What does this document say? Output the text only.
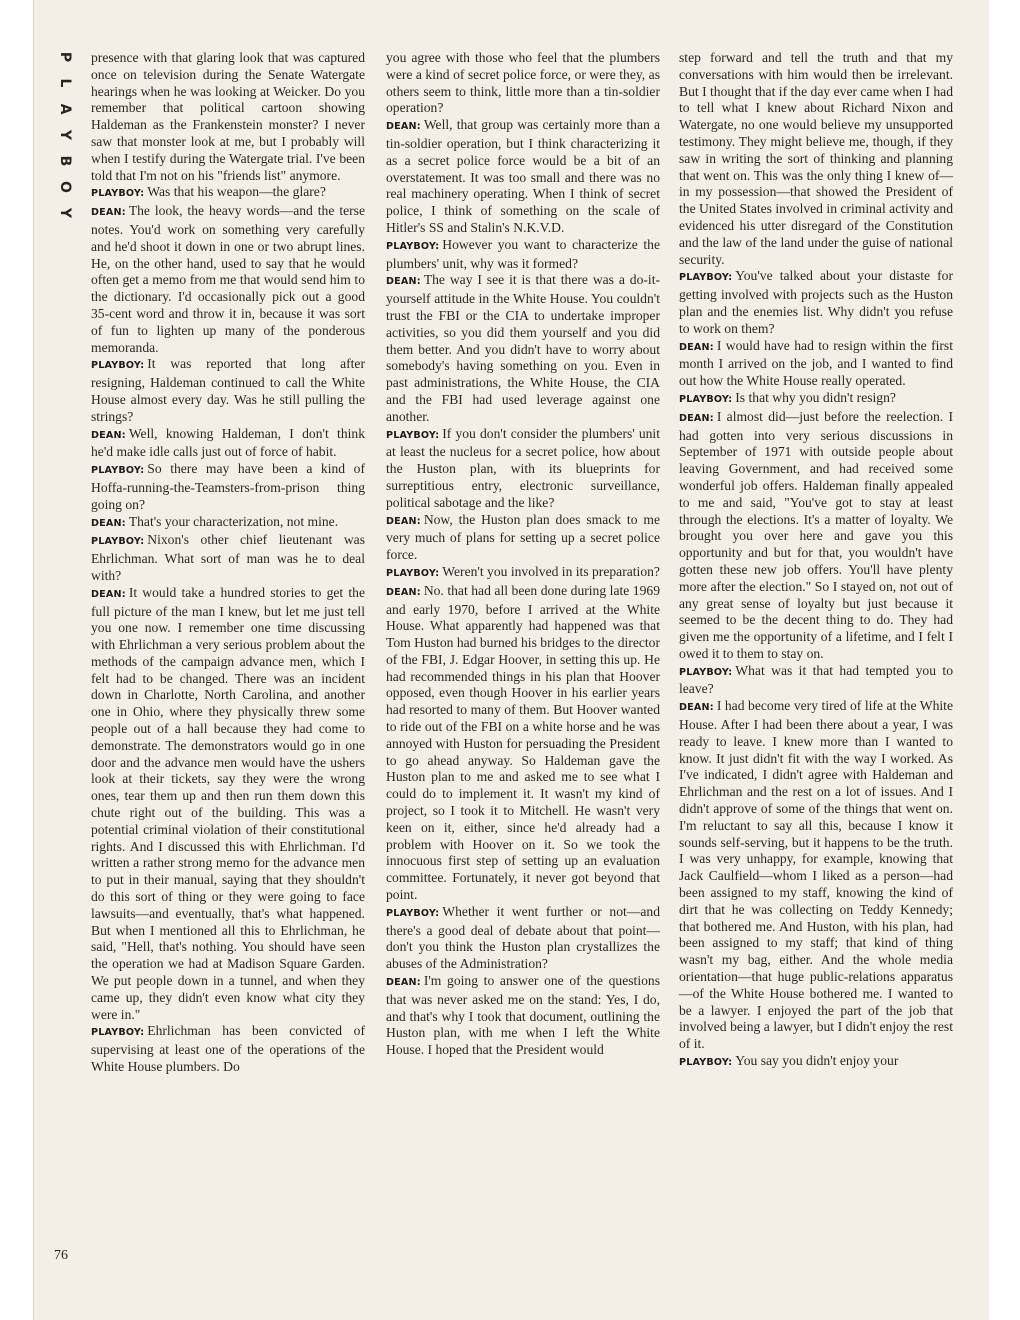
P
L
A
Y
B
O
Y
76

presence with that glaring look that was captured once on television during the Senate Watergate hearings when he was looking at Weicker. Do you remember that political cartoon showing Haldeman as the Frankenstein monster? I never saw that monster look at me, but I probably will when I testify during the Watergate trial. I've been told that I'm not on his "friends list" anymore.

PLAYBOY: Was that his weapon—the glare?

DEAN: The look, the heavy words—and the terse notes. You'd work on something very carefully and he'd shoot it down in one or two abrupt lines. He, on the other hand, used to say that he would often get a memo from me that would send him to the dictionary. I'd occasionally pick out a good 35-cent word and throw it in, because it was sort of fun to lighten up many of the ponderous memoranda.

PLAYBOY: It was reported that long after resigning, Haldeman continued to call the White House almost every day. Was he still pulling the strings?

DEAN: Well, knowing Haldeman, I don't think he'd make idle calls just out of force of habit.

PLAYBOY: So there may have been a kind of Hoffa-running-the-Teamsters-from-prison thing going on?

DEAN: That's your characterization, not mine.

PLAYBOY: Nixon's other chief lieutenant was Ehrlichman. What sort of man was he to deal with?

DEAN: It would take a hundred stories to get the full picture of the man I knew, but let me just tell you one now. I remember one time discussing with Ehrlichman a very serious problem about the methods of the campaign advance men, which I felt had to be changed. There was an incident down in Charlotte, North Carolina, and another one in Ohio, where they physically threw some people out of a hall because they had come to demonstrate. The demonstrators would go in one door and the advance men would have the ushers look at their tickets, say they were the wrong ones, tear them up and then run them down this chute right out of the building. This was a potential criminal violation of their constitutional rights. And I discussed this with Ehrlichman. I'd written a rather strong memo for the advance men to put in their manual, saying that they shouldn't do this sort of thing or they were going to face lawsuits—and eventually, that's what happened. But when I mentioned all this to Ehrlichman, he said, "Hell, that's nothing. You should have seen the operation we had at Madison Square Garden. We put people down in a tunnel, and when they came up, they didn't even know what city they were in."

PLAYBOY: Ehrlichman has been convicted of supervising at least one of the operations of the White House plumbers. Do

you agree with those who feel that the plumbers were a kind of secret police force, or were they, as others seem to think, little more than a tin-soldier operation?

DEAN: Well, that group was certainly more than a tin-soldier operation, but I think characterizing it as a secret police force would be a bit of an overstatement. It was too small and there was no real machinery operating. When I think of secret police, I think of something on the scale of Hitler's SS and Stalin's N.K.V.D.

PLAYBOY: However you want to characterize the plumbers' unit, why was it formed?

DEAN: The way I see it is that there was a do-it-yourself attitude in the White House. You couldn't trust the FBI or the CIA to undertake improper activities, so you did them yourself and you did them better. And you didn't have to worry about somebody's having something on you. Even in past administrations, the White House, the CIA and the FBI had used leverage against one another.

PLAYBOY: If you don't consider the plumbers' unit at least the nucleus for a secret police, how about the Huston plan, with its blueprints for surreptitious entry, electronic surveillance, political sabotage and the like?

DEAN: Now, the Huston plan does smack to me very much of plans for setting up a secret police force.

PLAYBOY: Weren't you involved in its preparation?

DEAN: No. that had all been done during late 1969 and early 1970, before I arrived at the White House. What apparently had happened was that Tom Huston had burned his bridges to the director of the FBI, J. Edgar Hoover, in setting this up. He had recommended things in his plan that Hoover opposed, even though Hoover in his earlier years had resorted to many of them. But Hoover wanted to ride out of the FBI on a white horse and he was annoyed with Huston for persuading the President to go ahead anyway. So Haldeman gave the Huston plan to me and asked me to see what I could do to implement it. It wasn't my kind of project, so I took it to Mitchell. He wasn't very keen on it, either, since he'd already had a problem with Hoover on it. So we took the innocuous first step of setting up an evaluation committee. Fortunately, it never got beyond that point.

PLAYBOY: Whether it went further or not—and there's a good deal of debate about that point—don't you think the Huston plan crystallizes the abuses of the Administration?

DEAN: I'm going to answer one of the questions that was never asked me on the stand: Yes, I do, and that's why I took that document, outlining the Huston plan, with me when I left the White House. I hoped that the President would

step forward and tell the truth and that my conversations with him would then be irrelevant. But I thought that if the day ever came when I had to tell what I knew about Richard Nixon and Watergate, no one would believe my unsupported testimony. They might believe me, though, if they saw in writing the sort of thinking and planning that went on. This was the only thing I knew of—in my possession—that showed the President of the United States involved in criminal activity and evidenced his utter disregard of the Constitution and the law of the land under the guise of national security.

PLAYBOY: You've talked about your distaste for getting involved with projects such as the Huston plan and the enemies list. Why didn't you refuse to work on them?

DEAN: I would have had to resign within the first month I arrived on the job, and I wanted to find out how the White House really operated.

PLAYBOY: Is that why you didn't resign?

DEAN: I almost did—just before the reelection. I had gotten into very serious discussions in September of 1971 with outside people about leaving Government, and had received some wonderful job offers. Haldeman finally appealed to me and said, "You've got to stay at least through the elections. It's a matter of loyalty. We brought you over here and gave you this opportunity and but for that, you wouldn't have gotten these new job offers. You'll have plenty more after the election." So I stayed on, not out of any great sense of loyalty but just because it seemed to be the decent thing to do. They had given me the opportunity of a lifetime, and I felt I owed it to them to stay on.

PLAYBOY: What was it that had tempted you to leave?

DEAN: I had become very tired of life at the White House. After I had been there about a year, I was ready to leave. I knew more than I wanted to know. It just didn't fit with the way I worked. As I've indicated, I didn't agree with Haldeman and Ehrlichman and the rest on a lot of issues. And I didn't approve of some of the things that went on. I'm reluctant to say all this, because I know it sounds self-serving, but it happens to be the truth. I was very unhappy, for example, knowing that Jack Caulfield—whom I liked as a person—had been assigned to my staff, knowing the kind of dirt that he was collecting on Teddy Kennedy; that bothered me. And Huston, with his plan, had been assigned to my staff; that kind of thing wasn't my bag, either. And the whole media orientation—that huge public-relations apparatus—of the White House bothered me. I wanted to be a lawyer. I enjoyed the part of the job that involved being a lawyer, but I didn't enjoy the rest of it.

PLAYBOY: You say you didn't enjoy your
